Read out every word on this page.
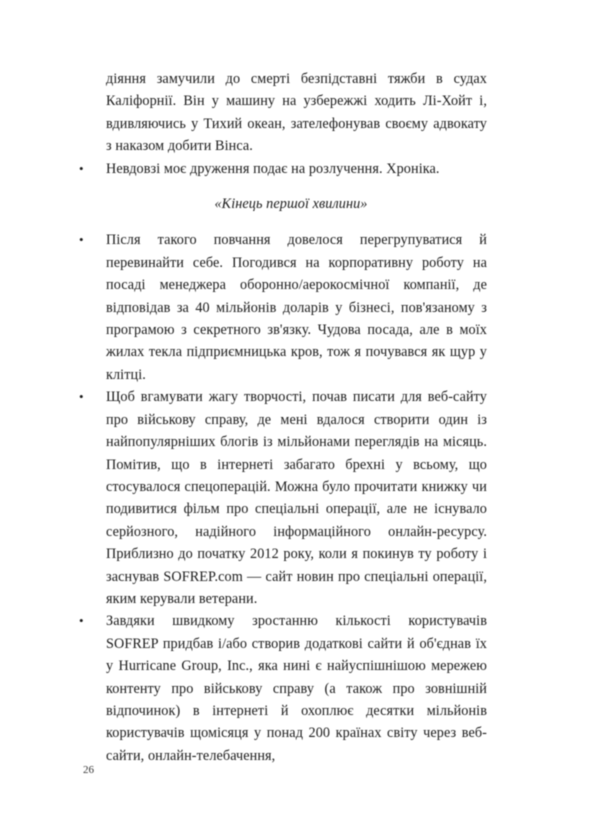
діяння замучили до смерті безпідставні тяжби в судах Каліфорнії. Він у машину на узбережжі ходить Лі-Хойт і, вдивляючись у Тихий океан, зателефонував своєму адвокату з наказом добити Вінса.

• Невдовзі моє друження подає на розлучення. Хроніка.

«Кінець першої хвилини»

• Після такого повчання довелося перегрупуватися й перевинайти себе. Погодився на корпоративну роботу на посаді менеджера оборонно/аерокосмічної компанії, де відповідав за 40 мільйонів доларів у бізнесі, пов'язаному з програмою з секретного зв'язку. Чудова посада, але в моїх жилах текла підприємницька кров, тож я почувався як щур у клітці.

• Щоб вгамувати жагу творчості, почав писати для веб-сайту про військову справу, де мені вдалося створити один із найпопулярніших блогів із мільйонами переглядів на місяць. Помітив, що в інтернеті забагато брехні у всьому, що стосувалося спецоперацій. Можна було прочитати книжку чи подивитися фільм про спеціальні операції, але не існувало серйозного, надійного інформаційного онлайн-ресурсу. Приблизно до початку 2012 року, коли я покинув ту роботу і заснував SOFREP.com — сайт новин про спеціальні операції, яким керували ветерани.

• Завдяки швидкому зростанню кількості користувачів SOFREP придбав і/або створив додаткові сайти й об'єднав їх у Hurricane Group, Inc., яка нині є найуспішнішою мережею контенту про військову справу (а також про зовнішній відпочинок) в інтернеті й охоплює десятки мільйонів користувачів щомісяця у понад 200 країнах світу через веб-сайти, онлайн-телебачення,

26
